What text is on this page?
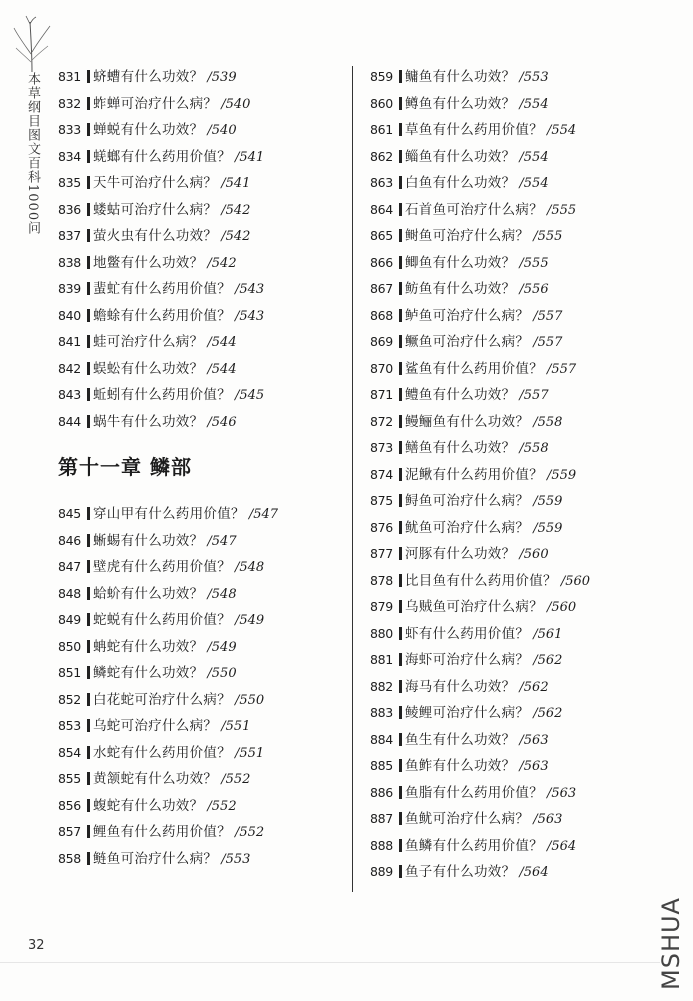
本草纲目图文百科1000问 831 蛴螬有什么功效？ /539
832 蚱蝉可治疗什么病？ /540
833 蝉蜕有什么功效？ /540
834 蜣螂有什么药用价值？ /541
835 天牛可治疗什么病？ /541
836 蝼蛄可治疗什么病？ /542
837 萤火虫有什么功效？ /542
838 地鳖有什么功效？ /542
839 蜚虻有什么药用价值？ /543
840 蟾蜍有什么药用价值？ /543
841 蛙可治疗什么病？ /544
842 蜈蚣有什么功效？ /544
843 蚯蚓有什么药用价值？ /545
844 蜗牛有什么功效？ /546
第十一章 鳞部
845 穿山甲有什么药用价值？ /547
846 蜥蜴有什么功效？ /547
847 壁虎有什么药用价值？ /548
848 蛤蚧有什么功效？ /548
849 蛇蜕有什么药用价值？ /549
850 蚺蛇有什么功效？ /549
851 鳞蛇有什么功效？ /550
852 白花蛇可治疗什么病？ /550
853 乌蛇可治疗什么病？ /551
854 水蛇有什么药用价值？ /551
855 黄颔蛇有什么功效？ /552
856 蝮蛇有什么功效？ /552
857 鲤鱼有什么药用价值？ /552
858 鲢鱼可治疗什么病？ /553
859 鳙鱼有什么功效？ /553
860 鳟鱼有什么功效？ /554
861 草鱼有什么药用价值？ /554
862 鲻鱼有什么功效？ /554
863 白鱼有什么功效？ /554
864 石首鱼可治疗什么病？ /555
865 鲥鱼可治疗什么病？ /555
866 鲫鱼有什么功效？ /555
867 鲂鱼有什么功效？ /556
868 鲈鱼可治疗什么病？ /557
869 鳜鱼可治疗什么病？ /557
870 鲨鱼有什么药用价值？ /557
871 鳢鱼有什么功效？ /557
872 鳗鲡鱼有什么功效？ /558
873 鳝鱼有什么功效？ /558
874 泥鳅有什么药用价值？ /559
875 鲟鱼可治疗什么病？ /559
876 鱿鱼可治疗什么病？ /559
877 河豚有什么功效？ /560
878 比目鱼有什么药用价值？ /560
879 乌贼鱼可治疗什么病？ /560
880 虾有什么药用价值？ /561
881 海虾可治疗什么病？ /562
882 海马有什么功效？ /562
883 鲮鲤可治疗什么病？ /562
884 鱼生有什么功效？ /563
885 鱼鲊有什么功效？ /563
886 鱼脂有什么药用价值？ /563
887 鱼鱿可治疗什么病？ /563
888 鱼鳞有什么药用价值？ /564
889 鱼子有什么功效？ /564
32	MSHUA
